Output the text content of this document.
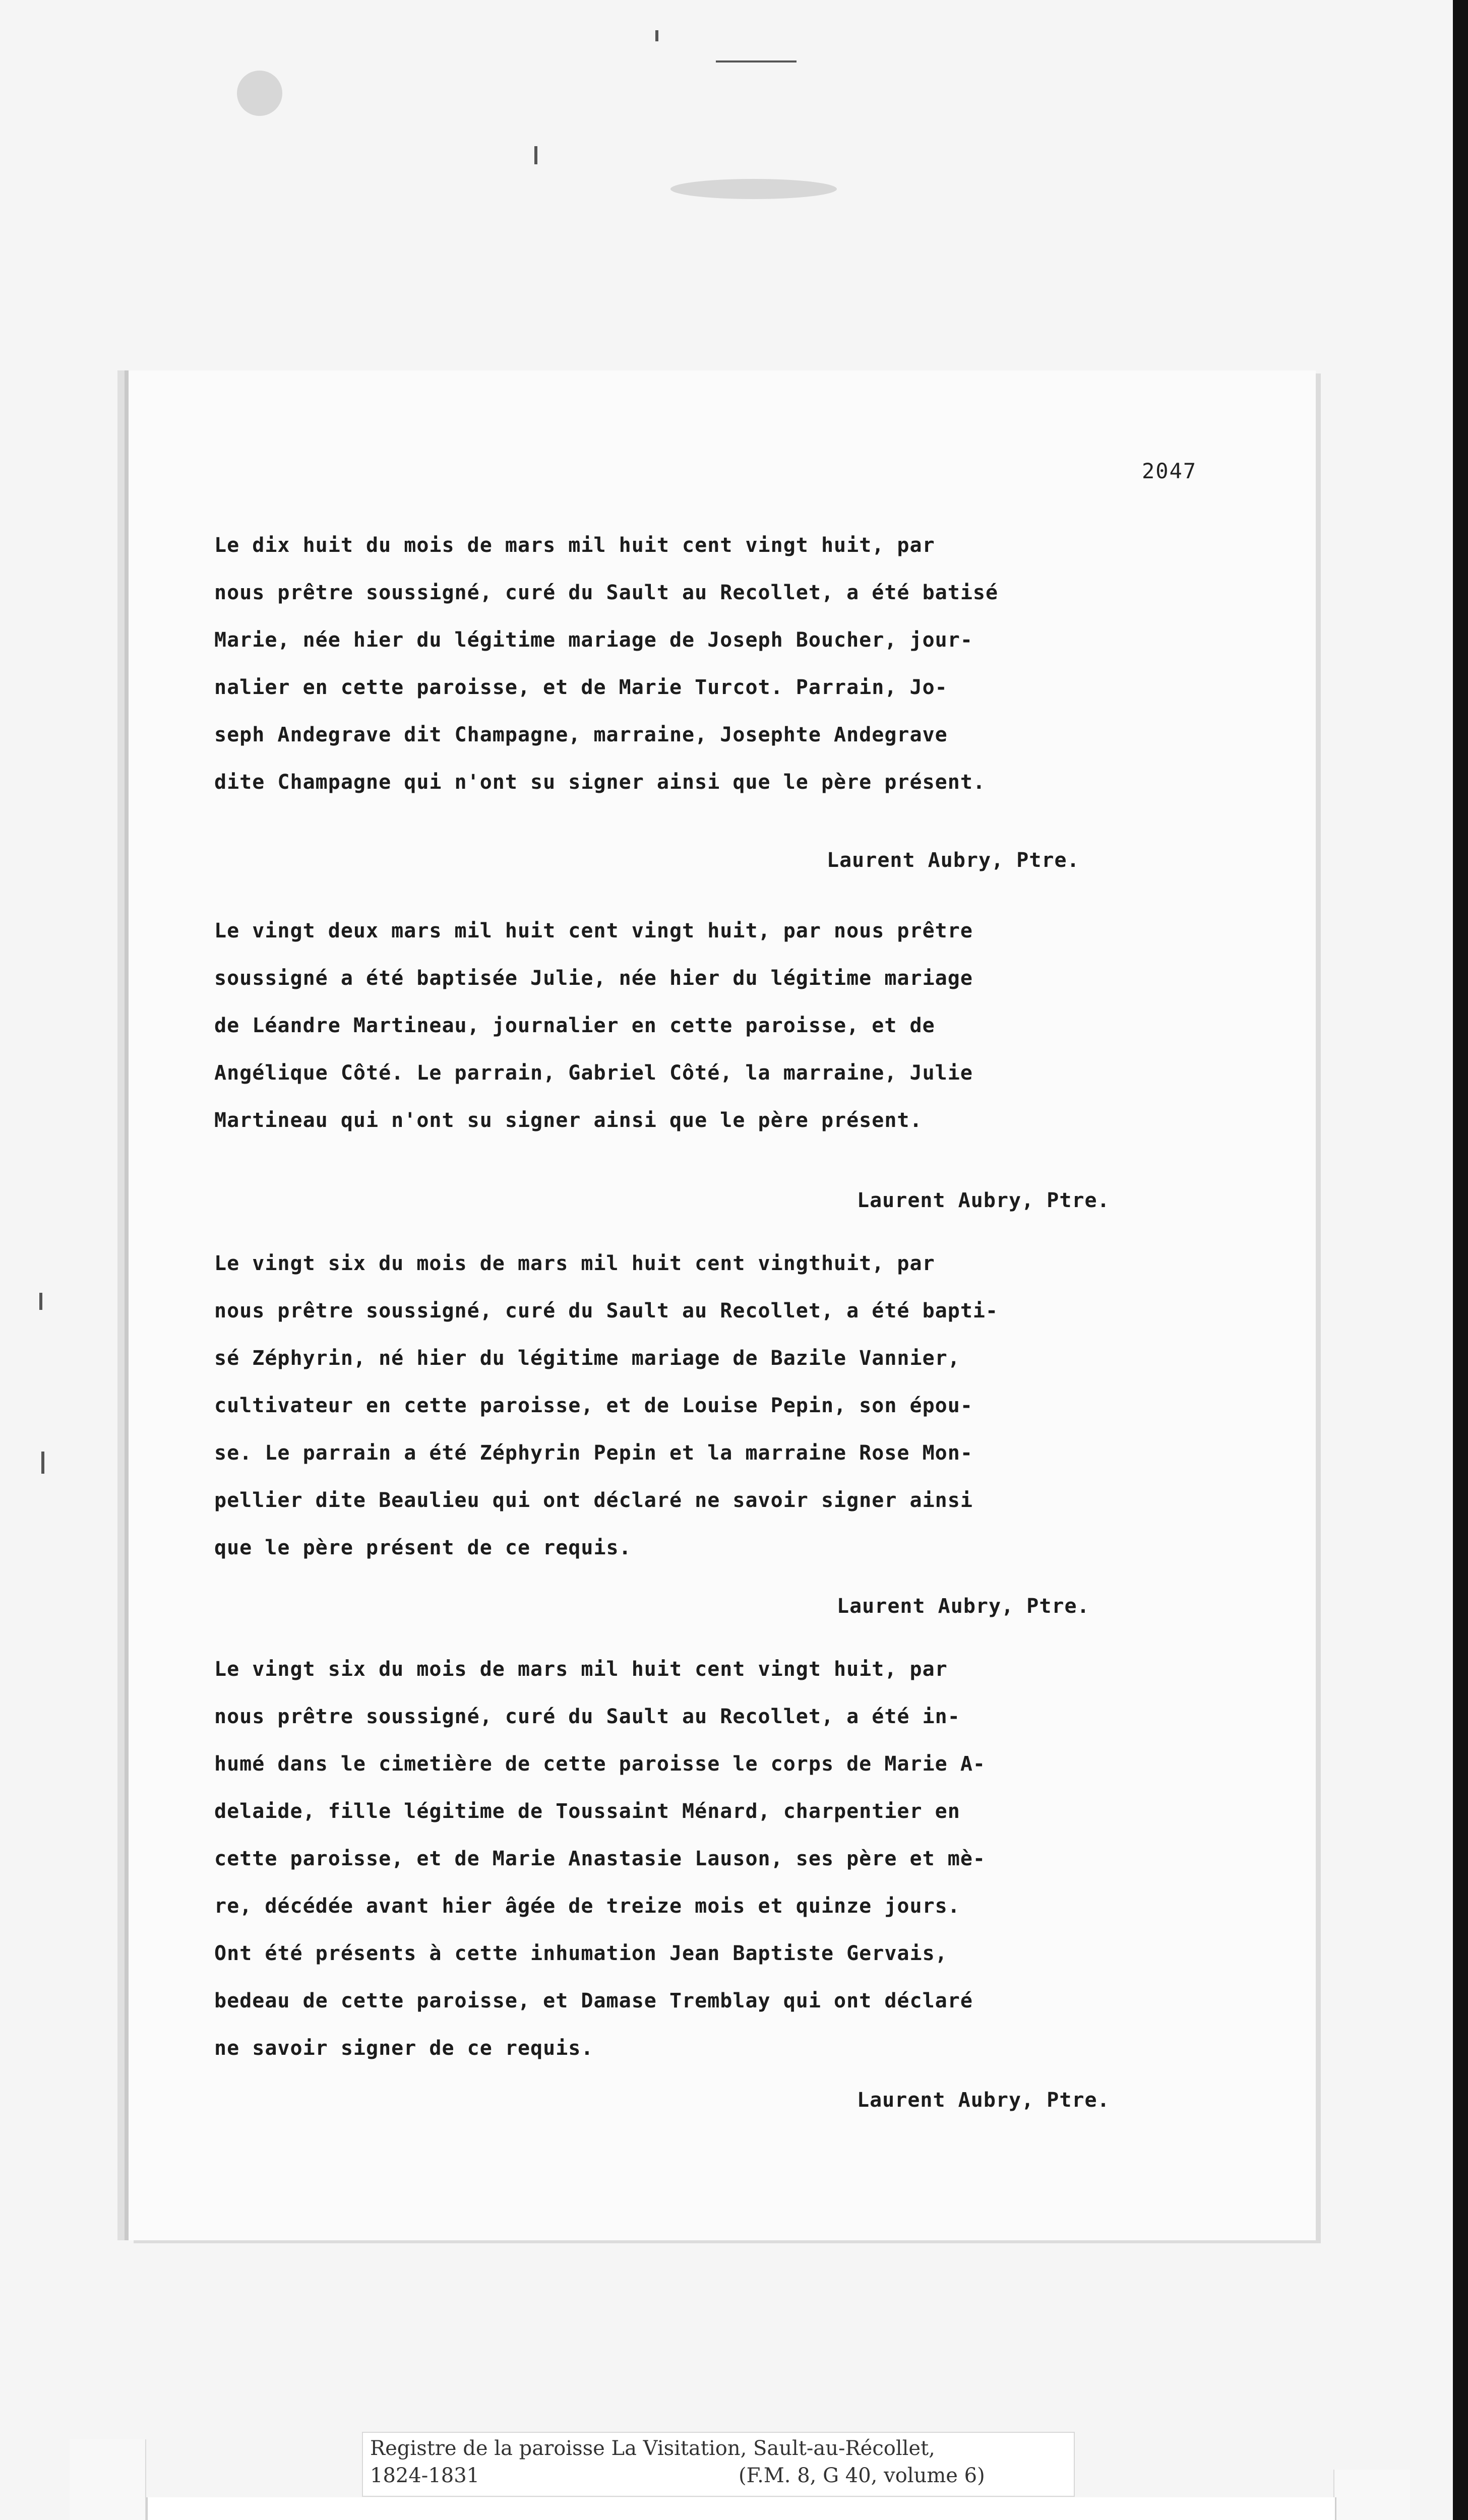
2047
Le dix huit du mois de mars mil huit cent vingt huit, par
nous prêtre soussigné, curé du Sault au Recollet, a été batisé
Marie, née hier du légitime mariage de Joseph Boucher, jour-
nalier en cette paroisse, et de Marie Turcot. Parrain, Jo-
seph Andegrave dit Champagne, marraine, Josephte Andegrave
dite Champagne qui n'ont su signer ainsi que le père présent.
Laurent Aubry, Ptre.
Le vingt deux mars mil huit cent vingt huit, par nous prêtre
soussigné a été baptisée Julie, née hier du légitime mariage
de Léandre Martineau, journalier en cette paroisse, et de
Angélique Côté. Le parrain, Gabriel Côté, la marraine, Julie
Martineau qui n'ont su signer ainsi que le père présent.
Laurent Aubry, Ptre.
Le vingt six du mois de mars mil huit cent vingthuit, par
nous prêtre soussigné, curé du Sault au Recollet, a été bapti-
sé Zéphyrin, né hier du légitime mariage de Bazile Vannier,
cultivateur en cette paroisse, et de Louise Pepin, son épou-
se. Le parrain a été Zéphyrin Pepin et la marraine Rose Mon-
pellier dite Beaulieu qui ont déclaré ne savoir signer ainsi
que le père présent de ce requis.
Laurent Aubry, Ptre.
Le vingt six du mois de mars mil huit cent vingt huit, par
nous prêtre soussigné, curé du Sault au Recollet, a été in-
humé dans le cimetière de cette paroisse le corps de Marie A-
delaide, fille légitime de Toussaint Ménard, charpentier en
cette paroisse, et de Marie Anastasie Lauson, ses père et mè-
re, décédée avant hier âgée de treize mois et quinze jours.
Ont été présents à cette inhumation Jean Baptiste Gervais,
bedeau de cette paroisse, et Damase Tremblay qui ont déclaré
ne savoir signer de ce requis.
Laurent Aubry, Ptre.
Registre de la paroisse La Visitation, Sault-au-Récollet,
1824-1831	(F.M. 8, G 40, volume 6)
